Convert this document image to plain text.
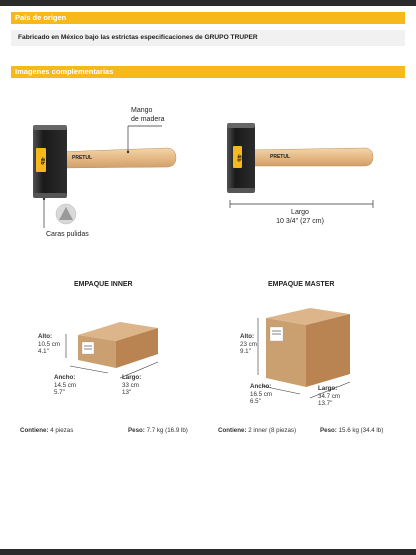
País de origen
Fabricado en México bajo las estrictas especificaciones de GRUPO TRUPER
Imagenes complementarias
4lb	PRETUL
Mango
de madera
Caras pulidas
4lb	PRETUL
Largo
10 3/4'' (27 cm)
EMPAQUE INNER	EMPAQUE MASTER
Alto:
10.5 cm
4.1''
Ancho:
14.5 cm
5.7''
Largo:
33 cm
13''
Alto:
23 cm
9.1''
Ancho:
16.5 cm
6.5''
Largo:
34.7 cm
13.7''
Contiene: 4 piezas	Peso: 7.7 kg (16.9 lb)	Contiene: 2 inner (8 piezas)	Peso: 15.6 kg (34.4 lb)
